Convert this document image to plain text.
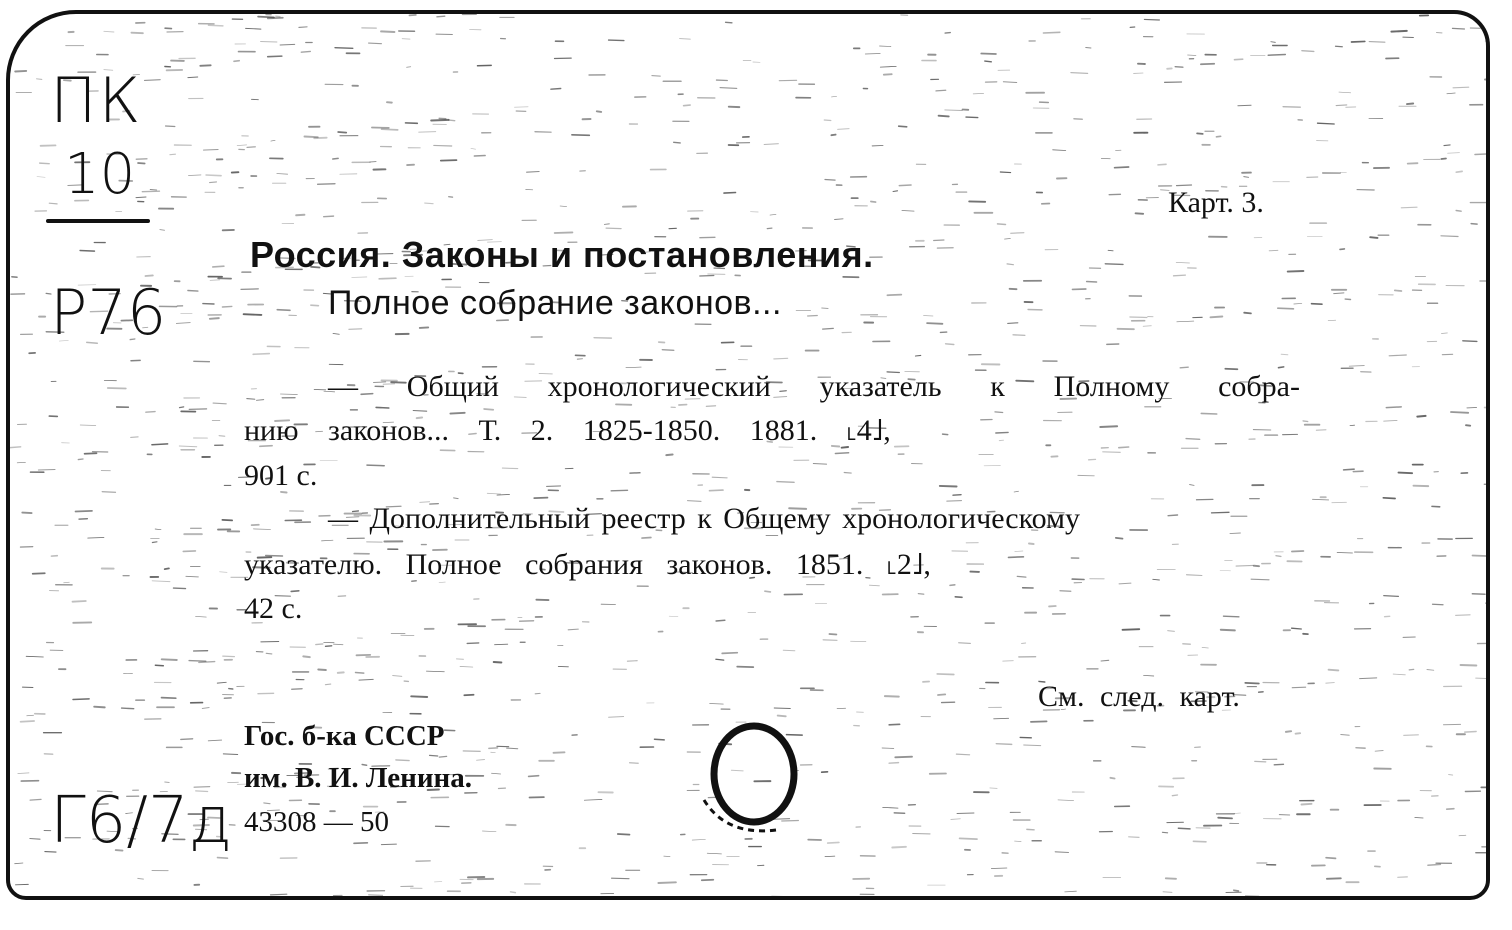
ПК
10
Р76
Г6/7д
Карт. 3.
Россия. Законы и постановления.
Полное собрание законов...
— Общий хронологический указатель к Полному собра-
нию законов... Т. 2. 1825-1850. 1881. ˪4˩,
901 с.
— Дополнительный реестр к Общему хронологическому
указателю. Полное собрания законов. 1851. ˪2˩,
42 с.
См. след. карт.
Гос. б-ка СССР
им. В. И. Ленина.
43308 — 50
